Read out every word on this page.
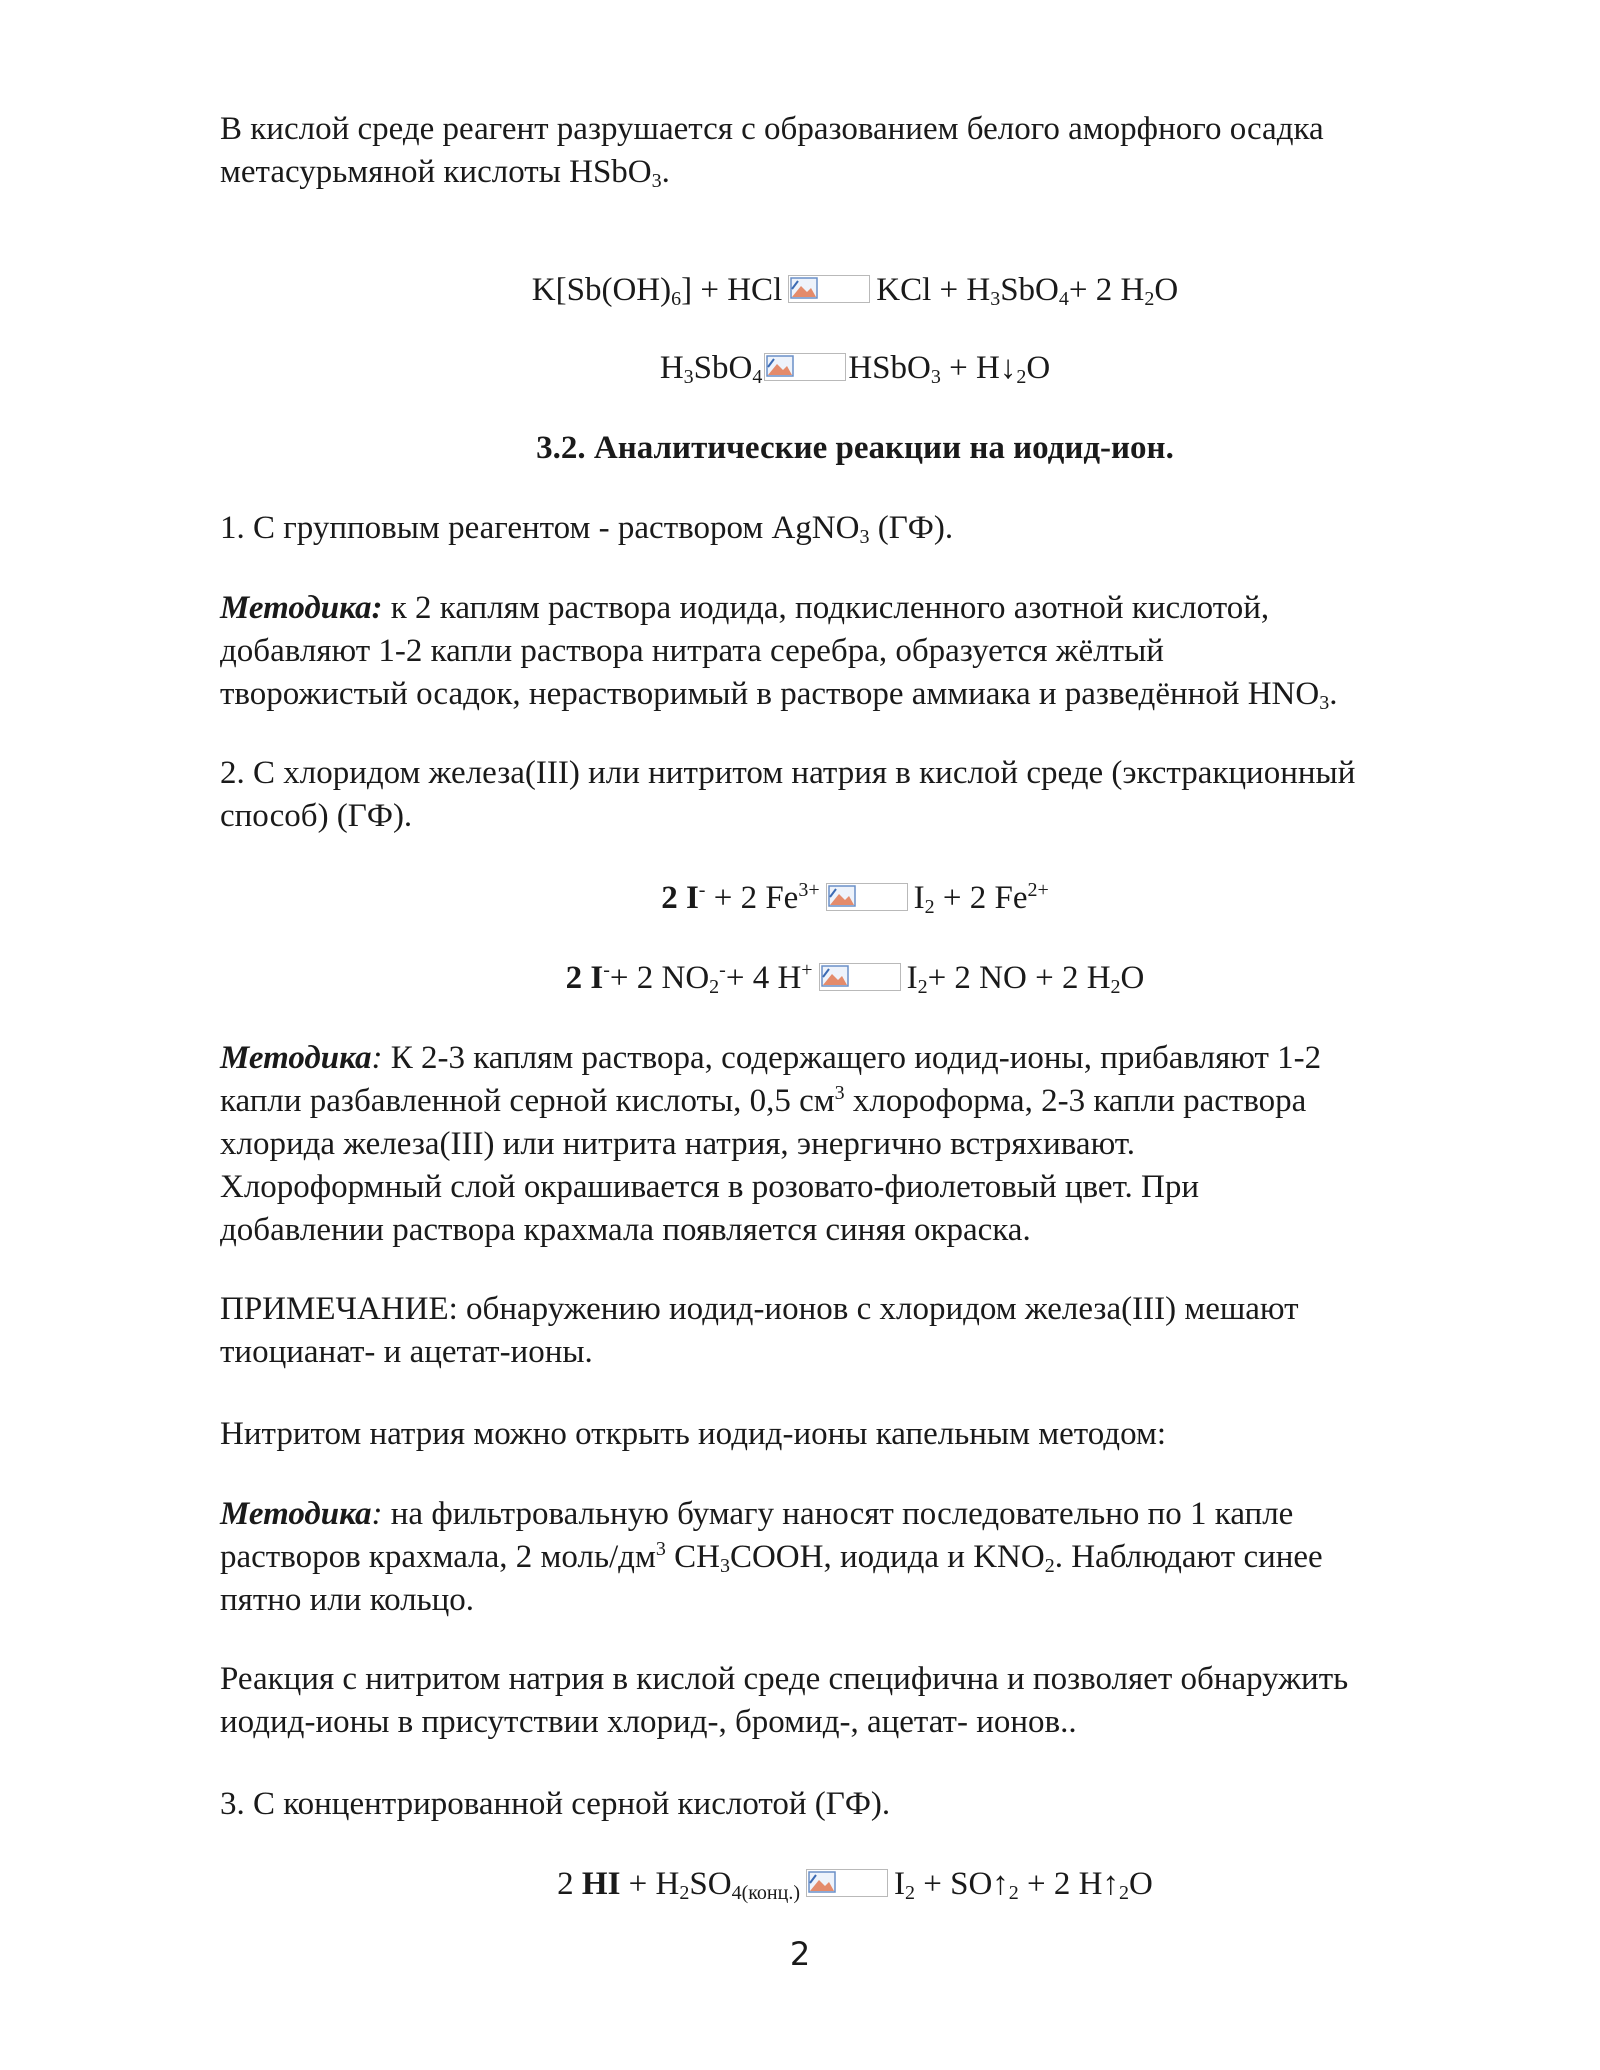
В кислой среде реагент разрушается с образованием белого аморфного осадка
метасурьмяной кислоты HSbO$_3$.
$K[Sb(OH)_6]$ + HCl	KCl + $H_3SbO_4+ 2$ $H_2O$
$H_3SbO_4$	HSbO$_3$ + $H↓_2O$
3.2. Аналитические реакции на иодид-ион.
1. С групповым реагентом - раствором AgNO$_3$ (ГФ).
Методика: к 2 каплям раствора иодида, подкисленного азотной кислотой,
добавляют 1-2 капли раствора нитрата серебра, образуется жёлтый
творожистый осадок, нерастворимый в растворе аммиака и разведённой $HNO_3$.
2. С хлоридом железа(III) или нитритом натрия в кислой среде (экстракционный
способ) (ГФ).
2 I- + 2 $Fe^{3+}$	$I_2 + 2$ $Fe^{2+}$
2 I-+ 2 $NO_2^-+ 4$ H+	$I_2+ 2$ NO + 2 $H_2O$
Методика: К 2-3 каплям раствора, содержащего иодид-ионы, прибавляют 1-2
капли разбавленной серной кислоты, 0,5 $см^3$ хлороформа, 2-3 капли раствора
хлорида железа(III) или нитрита натрия, энергично встряхивают.
Хлороформный слой окрашивается в розовато-фиолетовый цвет. При
добавлении раствора крахмала появляется синяя окраска.
ПРИМЕЧАНИЕ: обнаружению иодид-ионов с хлоридом железа(III) мешают
тиоцианат- и ацетат-ионы.
Нитритом натрия можно открыть иодид-ионы капельным методом:
Методика: на фильтровальную бумагу наносят последовательно по 1 капле
растворов крахмала, 2 моль/$дм^3$ $CH_3COOH$, иодида и $KNO_2$. Наблюдают синее
пятно или кольцо.
Реакция с нитритом натрия в кислой среде специфична и позволяет обнаружить
иодид-ионы в присутствии хлорид-, бромид-, ацетат- ионов..
3. С концентрированной серной кислотой (ГФ).
2 HI + $H_2SO_{4(конц.)}$	$I_2$ + $SO↑_2 + 2$ $H↑_2O$
2
